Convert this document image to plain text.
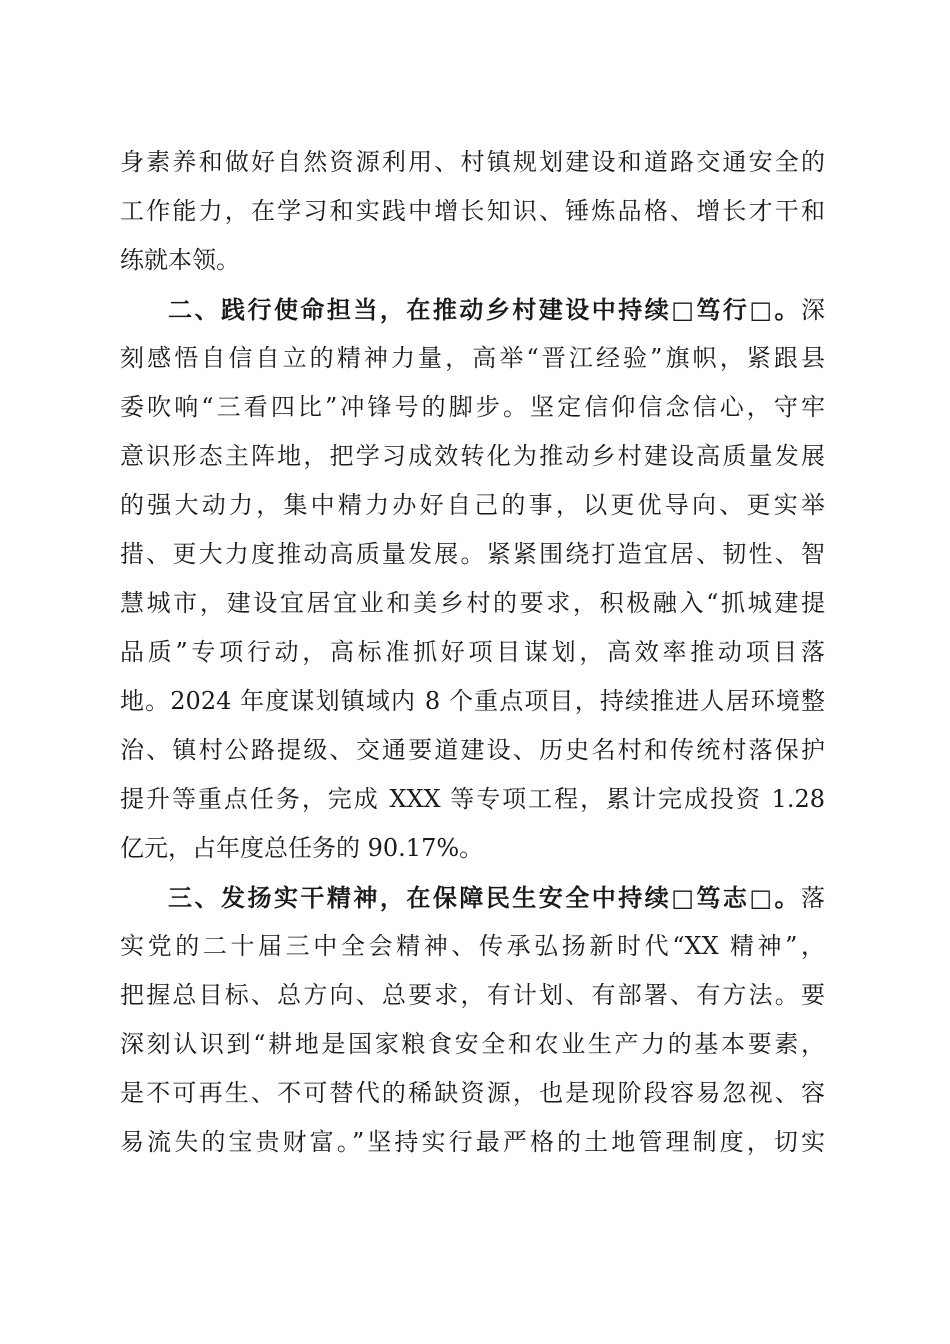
身素养和做好自然资源利用、村镇规划建设和道路交通安全的
工作能力，在学习和实践中增长知识、锤炼品格、增长才干和
练就本领。
二、践行使命担当，在推动乡村建设中持续□笃行□。深
刻感悟自信自立的精神力量，高举“晋江经验”旗帜，紧跟县
委吹响“三看四比”冲锋号的脚步。坚定信仰信念信心，守牢
意识形态主阵地，把学习成效转化为推动乡村建设高质量发展
的强大动力，集中精力办好自己的事，以更优导向、更实举
措、更大力度推动高质量发展。紧紧围绕打造宜居、韧性、智
慧城市，建设宜居宜业和美乡村的要求，积极融入“抓城建提
品质”专项行动，高标准抓好项目谋划，高效率推动项目落
地。2024 年度谋划镇域内 8 个重点项目，持续推进人居环境整
治、镇村公路提级、交通要道建设、历史名村和传统村落保护
提升等重点任务，完成 XXX 等专项工程，累计完成投资 1.28
亿元，占年度总任务的 90.17%。
三、发扬实干精神，在保障民生安全中持续□笃志□。落
实党的二十届三中全会精神、传承弘扬新时代“XX 精神”，
把握总目标、总方向、总要求，有计划、有部署、有方法。要
深刻认识到“耕地是国家粮食安全和农业生产力的基本要素，
是不可再生、不可替代的稀缺资源，也是现阶段容易忽视、容
易流失的宝贵财富。”坚持实行最严格的土地管理制度，切实
